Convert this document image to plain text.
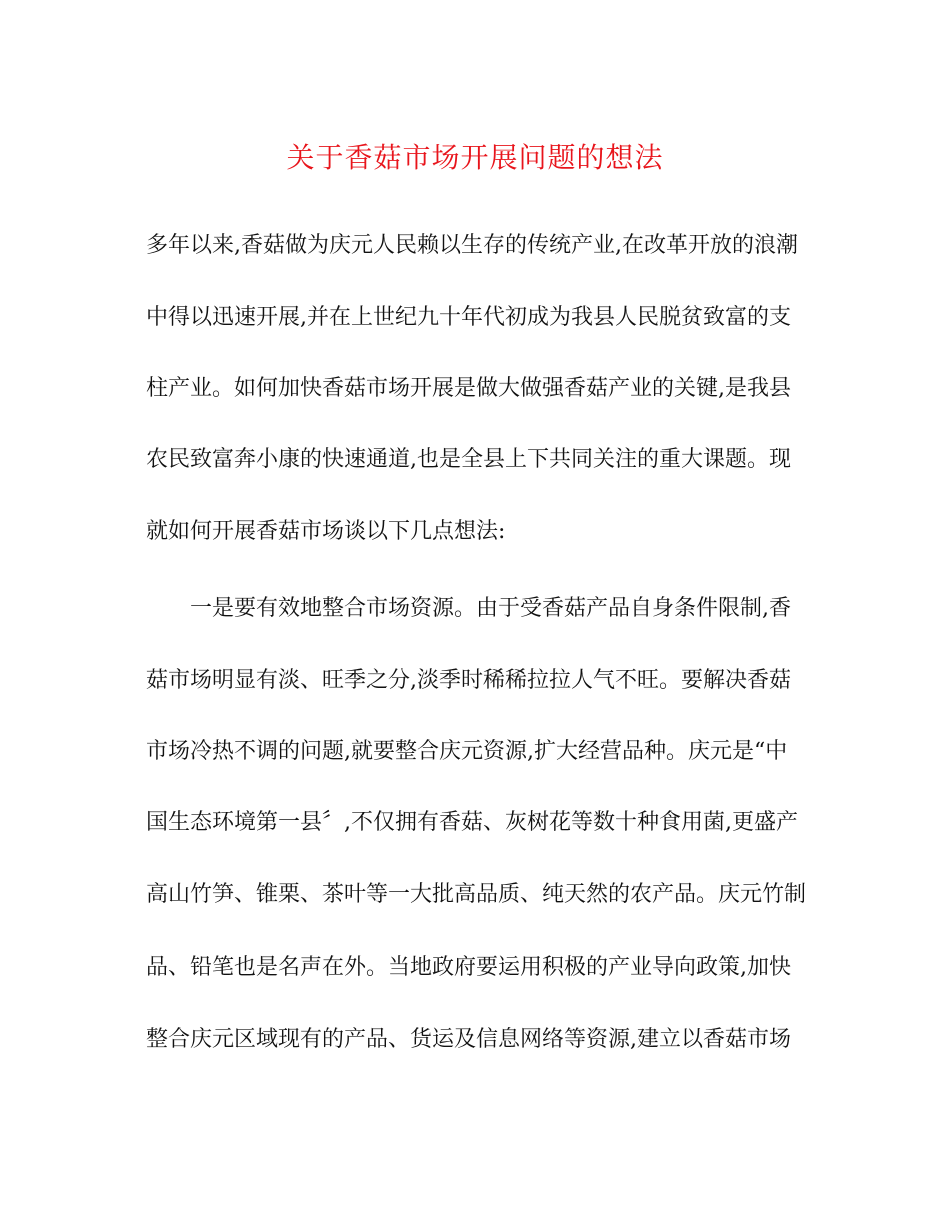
关于香菇市场开展问题的想法
多年以来,香菇做为庆元人民赖以生存的传统产业,在改革开放的浪潮
中得以迅速开展,并在上世纪九十年代初成为我县人民脱贫致富的支
柱产业。如何加快香菇市场开展是做大做强香菇产业的关键,是我县
农民致富奔小康的快速通道,也是全县上下共同关注的重大课题。现
就如何开展香菇市场谈以下几点想法:
　　一是要有效地整合市场资源。由于受香菇产品自身条件限制,香
菇市场明显有淡、旺季之分,淡季时稀稀拉拉人气不旺。要解决香菇
市场冷热不调的问题,就要整合庆元资源,扩大经营品种。庆元是“中
国生态环境第一县〞,不仅拥有香菇、灰树花等数十种食用菌,更盛产
高山竹笋、锥栗、茶叶等一大批高品质、纯天然的农产品。庆元竹制
品、铅笔也是名声在外。当地政府要运用积极的产业导向政策,加快
整合庆元区域现有的产品、货运及信息网络等资源,建立以香菇市场
